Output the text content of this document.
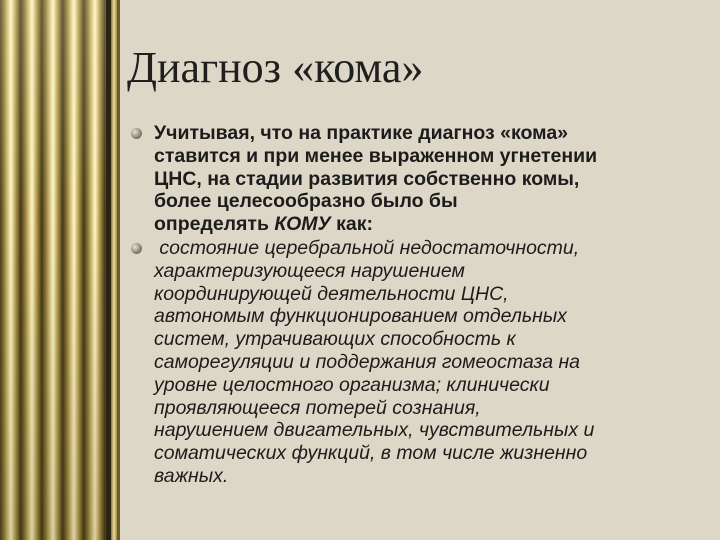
Диагноз «кома»
Учитывая, что на практике диагноз «кома»
ставится и при менее выраженном угнетении
ЦНС, на стадии развития собственно комы,
более целесообразно было бы
определять КОМУ как:
состояние церебральной недостаточности,
характеризующееся нарушением
координирующей деятельности ЦНС,
автономым функционированием отдельных
систем, утрачивающих способность к
саморегуляции и поддержания гомеостаза на
уровне целостного организма; клинически
проявляющееся потерей сознания,
нарушением двигательных, чувствительных и
соматических функций, в том числе жизненно
важных.
